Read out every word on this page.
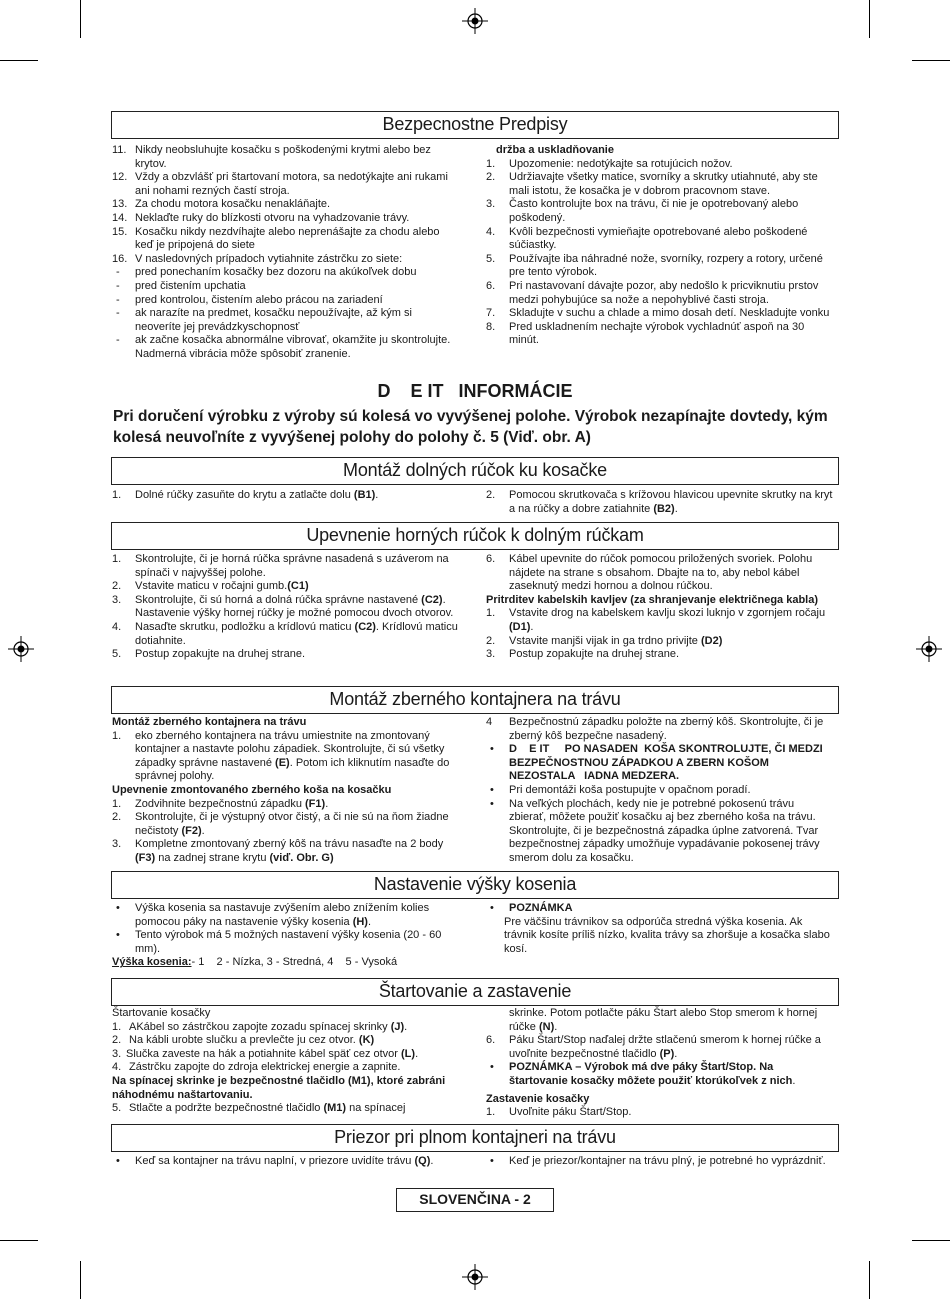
Bezpecnostne Predpisy
11. Nikdy neobsluhujte kosačku s poškodenými krytmi alebo bez krytov.
12. Vždy a obzvlášť pri štartovaní motora, sa nedotýkajte ani rukami ani nohami rezných častí stroja.
13. Za chodu motora kosačku nenakláňajte.
14. Neklaďte ruky do blízkosti otvoru na vyhadzovanie trávy.
15. Kosačku nikdy nezdvíhajte alebo neprenášajte za chodu alebo keď je pripojená do siete
16. V nasledovných prípadoch vytiahnite zástrčku zo siete:
- pred ponechaním kosačky bez dozoru na akúkoľvek dobu
- pred čistením upchatia
- pred kontrolou, čistením alebo prácou na zariadení
- ak narazíte na predmet, kosačku nepoužívajte, až kým si neoveríte jej prevádzkyschopnosť
- ak začne kosačka abnormálne vibrovať, okamžite ju skontrolujte. Nadmerná vibrácia môže spôsobiť zranenie.
držba a uskladňovanie
1. Upozomenie: nedotýkajte sa rotujúcich nožov.
2. Udržiavajte všetky matice, svorníky a skrutky utiahnuté, aby ste mali istotu, že kosačka je v dobrom pracovnom stave.
3. Často kontrolujte box na trávu, či nie je opotrebovaný alebo poškodený.
4. Kvôli bezpečnosti vymieňajte opotrebované alebo poškodené súčiastky.
5. Používajte iba náhradné nože, svorníky, rozpery a rotory, určené pre tento výrobok.
6. Pri nastavovaní dávajte pozor, aby nedošlo k pricviknutiu prstov medzi pohybujúce sa nože a nepohyblivé časti stroja.
7. Skladujte v suchu a chlade a mimo dosah detí. Neskladujte vonku
8. Pred uskladnením nechajte výrobok vychladnúť aspoň na 30 minút.
D    E IT   INFORMÁCIE
Pri doručení výrobku z výroby sú kolesá vo vyvýšenej polohe. Výrobok nezapínajte dovtedy, kým kolesá neuvoľníte z vyvýšenej polohy do polohy č. 5 (Viď. obr. A)
Montáž dolných rúčok ku kosačke
1. Dolné rúčky zasuňte do krytu a zatlačte dolu (B1).	2. Pomocou skrutkovača s krížovou hlavicou upevnite skrutky na kryt a na rúčky a dobre zatiahnite (B2).
Upevnenie horných rúčok k dolným rúčkam
1. Skontrolujte, či je horná rúčka správne nasadená s uzáverom na spínači v najvyššej polohe.
2. Vstavite maticu v ročajni gumb.(C1)
3. Skontrolujte, či sú horná a dolná rúčka správne nastavené (C2). Nastavenie výšky hornej rúčky je možné pomocou dvoch otvorov.
4. Nasaďte skrutku, podložku a krídlovú maticu (C2). Krídlovú maticu dotiahnite.
5. Postup zopakujte na druhej strane.
6. Kábel upevnite do rúčok pomocou priložených svoriek. Polohu nájdete na strane s obsahom. Dbajte na to, aby nebol kábel zaseknutý medzi hornou a dolnou rúčkou.
Pritrditev kabelskih kavljev (za shranjevanje električnega kabla)
1. Vstavite drog na kabelskem kavlju skozi luknjo v zgornjem ročaju (D1).
2. Vstavite manjši vijak in ga trdno privijte (D2)
3. Postup zopakujte na druhej strane.
Montáž zberného kontajnera na trávu
Montáž zberného kontajnera na trávu
1. eko zberného kontajnera na trávu umiestnite na zmontovaný kontajner a nastavte polohu západiek. Skontrolujte, či sú všetky západky správne nastavené (E). Potom ich kliknutím nasaďte do správnej polohy.
Upevnenie zmontovaného zberného koša na kosačku
1. Zodvihnite bezpečnostnú západku (F1).
2. Skontrolujte, či je výstupný otvor čistý, a či nie sú na ňom žiadne nečistoty (F2).
3. Kompletne zmontovaný zberný kôš na trávu nasaďte na 2 body (F3) na zadnej strane krytu (viď. Obr. G)
4 Bezpečnostnú západku položte na zberný kôš. Skontrolujte, či je zberný kôš bezpečne nasadený.
• D    E IT     PO NASADEN  KOŠA SKONTROLUJTE, ČI MEDZI BEZPEČNOSTNOU ZÁPADKOU A ZBERN KOŠOM NEZOSTALA   IADNA MEDZERA.
• Pri demontáži koša postupujte v opačnom poradí.
• Na veľkých plochách, kedy nie je potrebné pokosenú trávu zbierať, môžete použiť kosačku aj bez zberného koša na trávu. Skontrolujte, či je bezpečnostná západka úplne zatvorená. Tvar bezpečnostnej západky umožňuje vypadávanie pokosenej trávy smerom dolu za kosačku.
Nastavenie výšky kosenia
• Výška kosenia sa nastavuje zvýšením alebo znížením kolies pomocou páky na nastavenie výšky kosenia (H).
• Tento výrobok má 5 možných nastavení výšky kosenia (20 - 60 mm).
Výška kosenia:- 1    2 - Nízka, 3 - Stredná, 4    5 - Vysoká
• POZNÁMKA
Pre väčšinu trávnikov sa odporúča stredná výška kosenia. Ak trávnik kosíte príliš nízko, kvalita trávy sa zhoršuje a kosačka slabo kosí.
Štartovanie a zastavenie
Štartovanie kosačky
1. AKábel so zástrčkou zapojte zozadu spínacej skrinky (J).
2. Na kábli urobte slučku a prevlečte ju cez otvor. (K)
3. Slučka zaveste na hák a potiahnite kábel späť cez otvor (L).
4. Zástrčku zapojte do zdroja elektrickej energie a zapnite.
Na spínacej skrinke je bezpečnostné tlačidlo (M1), ktoré zabráni náhodnému naštartovaniu.
5. Stlačte a podržte bezpečnostné tlačidlo (M1) na spínacej
skrinke. Potom potlačte páku Štart alebo Stop smerom k hornej rúčke (N).
6. Páku Štart/Stop naďalej držte stlačenú smerom k hornej rúčke a uvoľnite bezpečnostné tlačidlo (P).
• POZNÁMKA – Výrobok má dve páky Štart/Stop. Na štartovanie kosačky môžete použiť ktorúkoľvek z nich.
Zastavenie kosačky
1. Uvoľnite páku Štart/Stop.
Priezor pri plnom kontajneri na trávu
• Keď sa kontajner na trávu naplní, v priezore uvidíte trávu (Q).	• Keď je priezor/kontajner na trávu plný, je potrebné ho vyprázdniť.
SLOVENČINA - 2
